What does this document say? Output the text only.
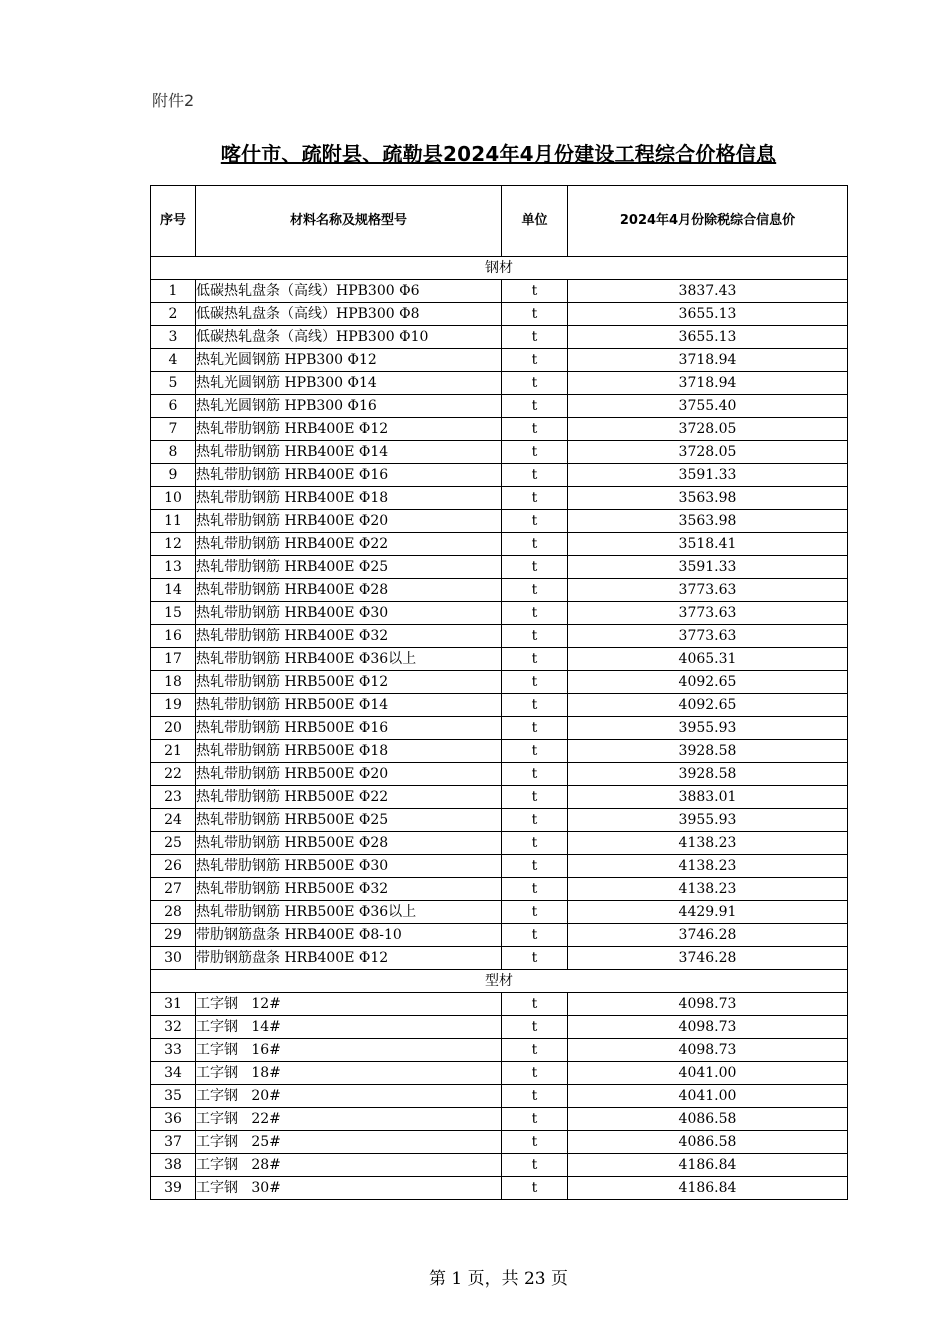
附件2
喀什市、疏附县、疏勒县2024年4月份建设工程综合价格信息
序号	材料名称及规格型号	单位	2024年4月份除税综合信息价
钢材			
1	低碳热轧盘条（高线）HPB300 Φ6	t	3837.43
2	低碳热轧盘条（高线）HPB300 Φ8	t	3655.13
3	低碳热轧盘条（高线）HPB300 Φ10	t	3655.13
4	热轧光圆钢筋 HPB300 Φ12	t	3718.94
5	热轧光圆钢筋 HPB300 Φ14	t	3718.94
6	热轧光圆钢筋 HPB300 Φ16	t	3755.40
7	热轧带肋钢筋 HRB400E Φ12	t	3728.05
8	热轧带肋钢筋 HRB400E Φ14	t	3728.05
9	热轧带肋钢筋 HRB400E Φ16	t	3591.33
10	热轧带肋钢筋 HRB400E Φ18	t	3563.98
11	热轧带肋钢筋 HRB400E Φ20	t	3563.98
12	热轧带肋钢筋 HRB400E Φ22	t	3518.41
13	热轧带肋钢筋 HRB400E Φ25	t	3591.33
14	热轧带肋钢筋 HRB400E Φ28	t	3773.63
15	热轧带肋钢筋 HRB400E Φ30	t	3773.63
16	热轧带肋钢筋 HRB400E Φ32	t	3773.63
17	热轧带肋钢筋 HRB400E Φ36以上	t	4065.31
18	热轧带肋钢筋 HRB500E Φ12	t	4092.65
19	热轧带肋钢筋 HRB500E Φ14	t	4092.65
20	热轧带肋钢筋 HRB500E Φ16	t	3955.93
21	热轧带肋钢筋 HRB500E Φ18	t	3928.58
22	热轧带肋钢筋 HRB500E Φ20	t	3928.58
23	热轧带肋钢筋 HRB500E Φ22	t	3883.01
24	热轧带肋钢筋 HRB500E Φ25	t	3955.93
25	热轧带肋钢筋 HRB500E Φ28	t	4138.23
26	热轧带肋钢筋 HRB500E Φ30	t	4138.23
27	热轧带肋钢筋 HRB500E Φ32	t	4138.23
28	热轧带肋钢筋 HRB500E Φ36以上	t	4429.91
29	带肋钢筋盘条 HRB400E Φ8-10	t	3746.28
30	带肋钢筋盘条 HRB400E Φ12	t	3746.28
型材			
31	工字钢   12#	t	4098.73
32	工字钢   14#	t	4098.73
33	工字钢   16#	t	4098.73
34	工字钢   18#	t	4041.00
35	工字钢   20#	t	4041.00
36	工字钢   22#	t	4086.58
37	工字钢   25#	t	4086.58
38	工字钢   28#	t	4186.84
39	工字钢   30#	t	4186.84
第 1 页，共 23 页
